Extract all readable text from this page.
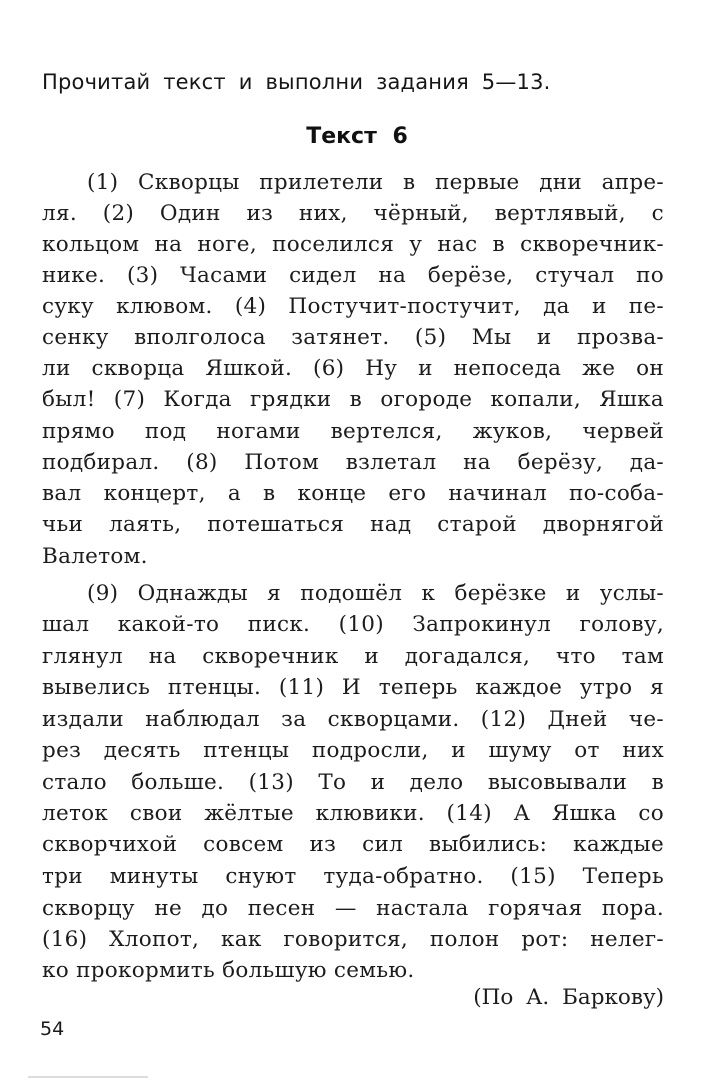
Прочитай текст и выполни задания 5—13.
Текст 6
(1) Скворцы прилетели в первые дни апре-
ля. (2) Один из них, чёрный, вертлявый, с
кольцом на ноге, поселился у нас в скворечник-
нике. (3) Часами сидел на берёзе, стучал по
суку клювом. (4) Постучит-постучит, да и пе-
сенку вполголоса затянет. (5) Мы и прозва-
ли скворца Яшкой. (6) Ну и непоседа же он
был! (7) Когда грядки в огороде копали, Яшка
прямо под ногами вертелся, жуков, червей
подбирал. (8) Потом взлетал на берёзу, да-
вал концерт, а в конце его начинал по-соба-
чьи лаять, потешаться над старой дворнягой
Валетом.
(9) Однажды я подошёл к берёзке и услы-
шал какой-то писк. (10) Запрокинул голову,
глянул на скворечник и догадался, что там
вывелись птенцы. (11) И теперь каждое утро я
издали наблюдал за скворцами. (12) Дней че-
рез десять птенцы подросли, и шуму от них
стало больше. (13) То и дело высовывали в
леток свои жёлтые клювики. (14) А Яшка со
скворчихой совсем из сил выбились: каждые
три минуты снуют туда-обратно. (15) Теперь
скворцу не до песен — настала горячая пора.
(16) Хлопот, как говорится, полон рот: нелег-
ко прокормить большую семью.
(По А. Баркову)
54
